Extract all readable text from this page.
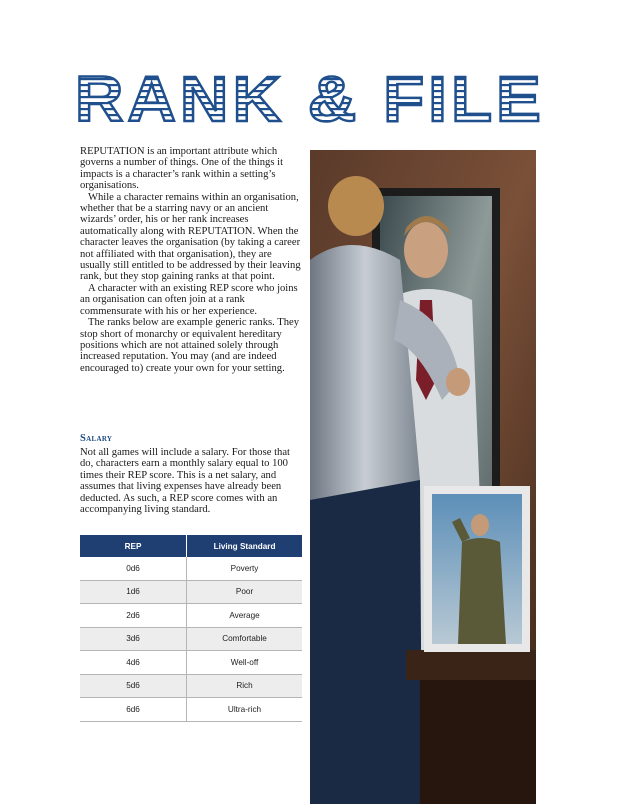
RANK & FILE

REPUTATION is an important attribute which governs a number of things. One of the things it impacts is a character’s rank within a setting’s organisations.

While a character remains within an organisation, whether that be a starring navy or an ancient wizards’ order, his or her rank increases automatically along with REPUTATION. When the character leaves the organisation (by taking a career not affiliated with that organisation), they are usually still entitled to be addressed by their leaving rank, but they stop gaining ranks at that point.

A character with an existing REP score who joins an organisation can often join at a rank commensurate with his or her experience.

The ranks below are example generic ranks. They stop short of monarchy or equivalent hereditary positions which are not attained solely through increased reputation. You may (and are indeed encouraged to) create your own for your setting.

Salary

Not all games will include a salary. For those that do, characters earn a monthly salary equal to 100 times their REP score. This is a net salary, and assumes that living expenses have already been deducted. As such, a REP score comes with an accompanying living standard.

REP	Living Standard
0d6	Poverty
1d6	Poor
2d6	Average
3d6	Comfortable
4d6	Well-off
5d6	Rich
6d6	Ultra-rich
